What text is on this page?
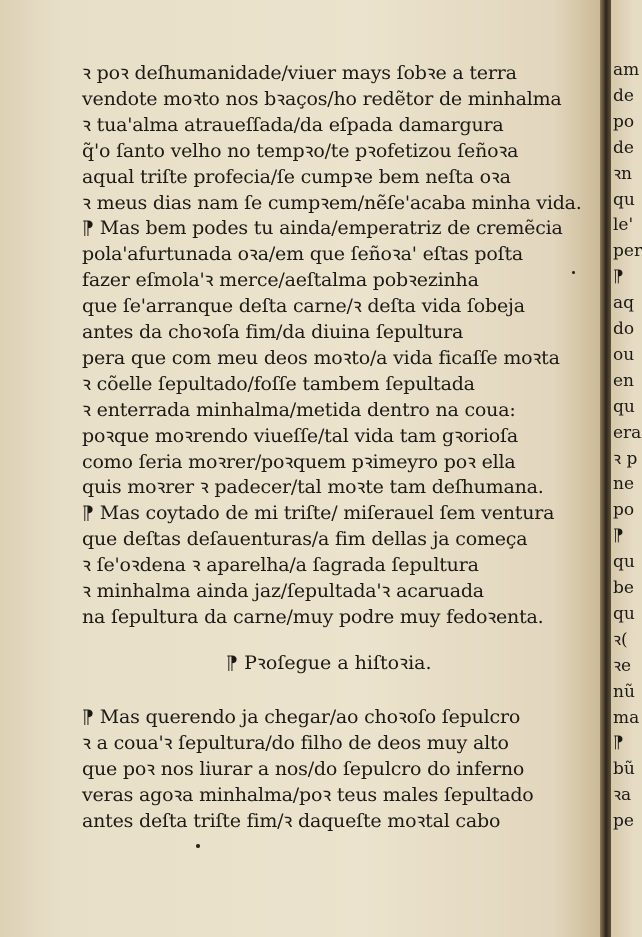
ꝛ poꝛ deſhumanidade/viuer mays ſobꝛe a terra

vendote moꝛto nos bꝛaços/ho redẽtor de minhalma

ꝛ tua'alma atraueſſada/da eſpada damargura

q̃'o ſanto velho no tempꝛo/te pꝛofetizou ſeñoꝛa

aqual triſte profecia/ſe cumpꝛe bem neſta oꝛa

ꝛ meus dias nam ſe cumpꝛem/nẽſe'acaba minha vida.

⁋ Mas bem podes tu ainda/emperatriz de cremẽcia

pola'afurtunada oꝛa/em que ſeñoꝛa' eſtas poſta

fazer eſmola'ꝛ merce/aeſtalma pobꝛezinha

que ſe'arranque deſta carne/ꝛ deſta vida ſobeja

antes da choꝛoſa fim/da diuina ſepultura

pera que com meu deos moꝛto/a vida ficaſſe moꝛta

ꝛ cõelle ſepultado/foſſe tambem ſepultada

ꝛ enterrada minhalma/metida dentro na coua:

poꝛque moꝛrendo viueſſe/tal vida tam gꝛorioſa

como ſeria moꝛrer/poꝛquem pꝛimeyro poꝛ ella

quis moꝛrer ꝛ padecer/tal moꝛte tam deſhumana.

⁋ Mas coytado de mi triſte/ miſerauel ſem ventura

que deſtas deſauenturas/a fim dellas ja começa

ꝛ ſe'oꝛdena ꝛ aparelha/a ſagrada ſepultura

ꝛ minhalma ainda jaz/ſepultada'ꝛ acaruada

na ſepultura da carne/muy podre muy fedoꝛenta.

⁋ Pꝛoſegue a hiſtoꝛia.

⁋ Mas querendo ja chegar/ao choꝛoſo ſepulcro

ꝛ a coua'ꝛ ſepultura/do filho de deos muy alto

que poꝛ nos liurar a nos/do ſepulcro do inferno

veras agoꝛa minhalma/poꝛ teus males ſepultado

antes deſta triſte fim/ꝛ daqueſte moꝛtal cabo

am

de

po

de

ꝛn

qu

le'

per

⁋

aq

do

ou

en

qu

era

ꝛ p

ne

po

⁋

qu

be

qu

ꝛ(

ꝛe

nũ

ma

⁋

bũ

ꝛa

pe
